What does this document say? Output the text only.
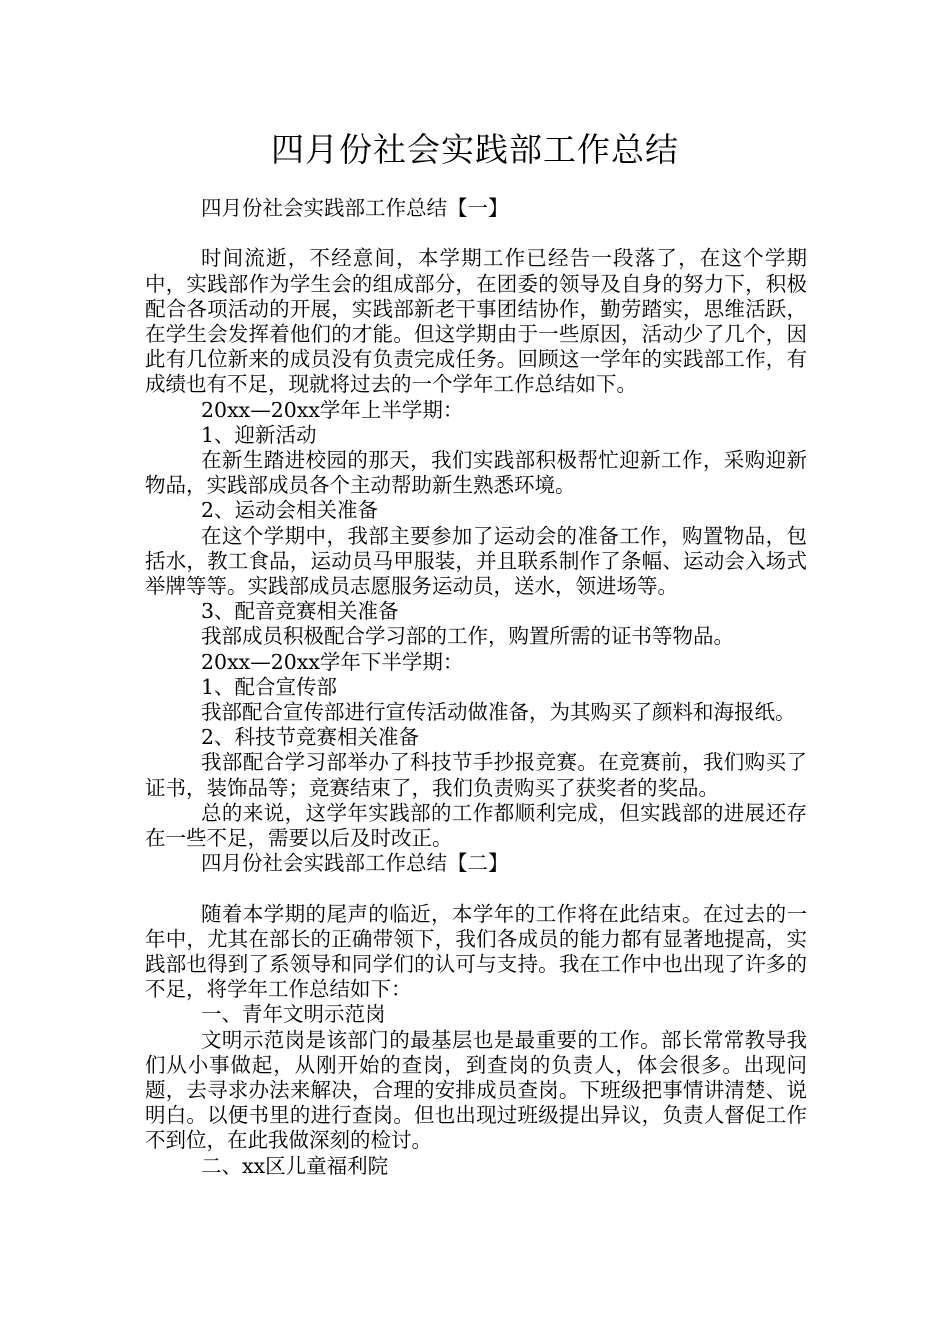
四月份社会实践部工作总结

四月份社会实践部工作总结【一】

时间流逝，不经意间，本学期工作已经告一段落了，在这个学期中，实践部作为学生会的组成部分，在团委的领导及自身的努力下，积极配合各项活动的开展，实践部新老干事团结协作，勤劳踏实，思维活跃，在学生会发挥着他们的才能。但这学期由于一些原因，活动少了几个，因此有几位新来的成员没有负责完成任务。回顾这一学年的实践部工作，有成绩也有不足，现就将过去的一个学年工作总结如下。

20xx—20xx学年上半学期：

1、迎新活动

在新生踏进校园的那天，我们实践部积极帮忙迎新工作，采购迎新物品，实践部成员各个主动帮助新生熟悉环境。

2、运动会相关准备

在这个学期中，我部主要参加了运动会的准备工作，购置物品，包括水，教工食品，运动员马甲服装，并且联系制作了条幅、运动会入场式举牌等等。实践部成员志愿服务运动员，送水，领进场等。

3、配音竞赛相关准备

我部成员积极配合学习部的工作，购置所需的证书等物品。

20xx—20xx学年下半学期：

1、配合宣传部

我部配合宣传部进行宣传活动做准备，为其购买了颜料和海报纸。

2、科技节竞赛相关准备

我部配合学习部举办了科技节手抄报竞赛。在竞赛前，我们购买了证书，装饰品等；竞赛结束了，我们负责购买了获奖者的奖品。

总的来说，这学年实践部的工作都顺利完成，但实践部的进展还存在一些不足，需要以后及时改正。

四月份社会实践部工作总结【二】

随着本学期的尾声的临近，本学年的工作将在此结束。在过去的一年中，尤其在部长的正确带领下，我们各成员的能力都有显著地提高，实践部也得到了系领导和同学们的认可与支持。我在工作中也出现了许多的不足，将学年工作总结如下：

一、青年文明示范岗

文明示范岗是该部门的最基层也是最重要的工作。部长常常教导我们从小事做起，从刚开始的查岗，到查岗的负责人，体会很多。出现问题，去寻求办法来解决，合理的安排成员查岗。下班级把事情讲清楚、说明白。以便书里的进行查岗。但也出现过班级提出异议，负责人督促工作不到位，在此我做深刻的检讨。

二、xx区儿童福利院
